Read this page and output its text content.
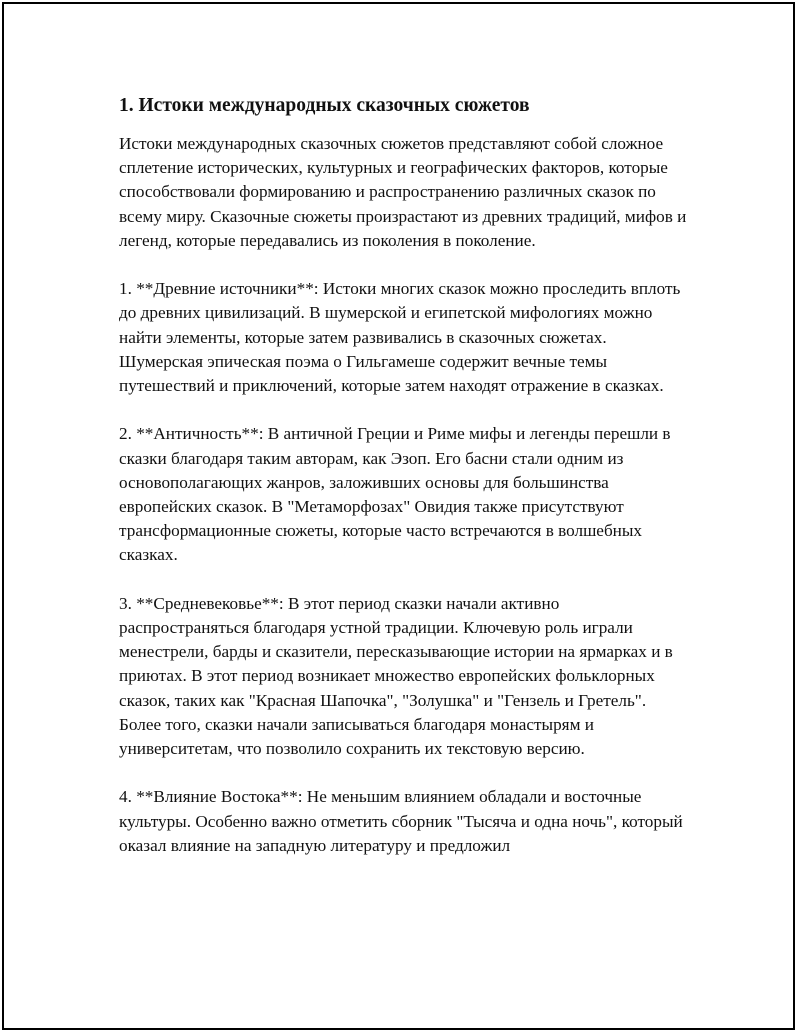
1. Истоки международных сказочных сюжетов

Истоки международных сказочных сюжетов представляют собой сложное сплетение исторических, культурных и географических факторов, которые способствовали формированию и распространению различных сказок по всему миру. Сказочные сюжеты произрастают из древних традиций, мифов и легенд, которые передавались из поколения в поколение.

1. **Древние источники**: Истоки многих сказок можно проследить вплоть до древних цивилизаций. В шумерской и египетской мифологиях можно найти элементы, которые затем развивались в сказочных сюжетах. Шумерская эпическая поэма о Гильгамеше содержит вечные темы путешествий и приключений, которые затем находят отражение в сказках.

2. **Античность**: В античной Греции и Риме мифы и легенды перешли в сказки благодаря таким авторам, как Эзоп. Его басни стали одним из основополагающих жанров, заложивших основы для большинства европейских сказок. В "Метаморфозах" Овидия также присутствуют трансформационные сюжеты, которые часто встречаются в волшебных сказках.

3. **Средневековье**: В этот период сказки начали активно распространяться благодаря устной традиции. Ключевую роль играли менестрели, барды и сказители, пересказывающие истории на ярмарках и в приютах. В этот период возникает множество европейских фольклорных сказок, таких как "Красная Шапочка", "Золушка" и "Гензель и Гретель". Более того, сказки начали записываться благодаря монастырям и университетам, что позволило сохранить их текстовую версию.

4. **Влияние Востока**: Не меньшим влиянием обладали и восточные культуры. Особенно важно отметить сборник "Тысяча и одна ночь", который оказал влияние на западную литературу и предложил
